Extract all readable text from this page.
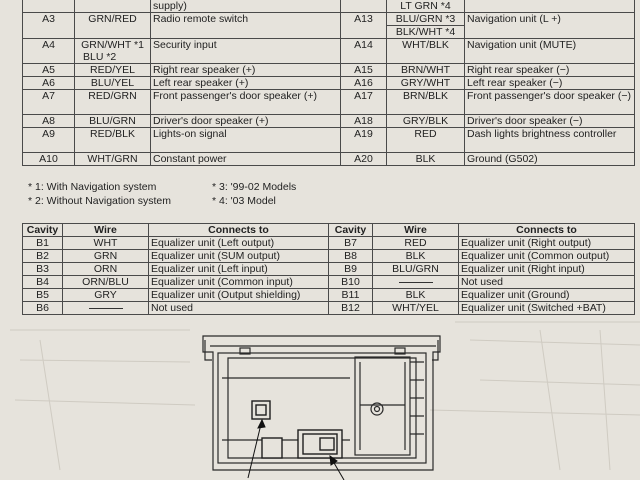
		supply)		LT GRN *4	
A3	GRN/RED	Radio remote switch	A13	BLU/GRN *3
BLK/WHT *4	Navigation unit (L +)
A4	GRN/WHT *1
BLU *2	Security input	A14	WHT/BLK	Navigation unit (MUTE)
A5	RED/YEL	Right rear speaker (+)	A15	BRN/WHT	Right rear speaker (−)
A6	BLU/YEL	Left rear speaker (+)	A16	GRY/WHT	Left rear speaker (−)
A7	RED/GRN	Front passenger's door speaker (+)	A17	BRN/BLK	Front passenger's door speaker (−)
A8	BLU/GRN	Driver's door speaker (+)	A18	GRY/BLK	Driver's door speaker (−)
A9	RED/BLK	Lights-on signal	A19	RED	Dash lights brightness controller
A10	WHT/GRN	Constant power	A20	BLK	Ground (G502)
* 1: With Navigation system
* 2: Without Navigation system
* 3: '99-02 Models
* 4: '03 Model
Cavity	Wire	Connects to	Cavity	Wire	Connects to
B1	WHT	Equalizer unit (Left output)	B7	RED	Equalizer unit (Right output)
B2	GRN	Equalizer unit (SUM output)	B8	BLK	Equalizer unit (Common output)
B3	ORN	Equalizer unit (Left input)	B9	BLU/GRN	Equalizer unit (Right input)
B4	ORN/BLU	Equalizer unit (Common input)	B10		Not used
B5	GRY	Equalizer unit (Output shielding)	B11	BLK	Equalizer unit (Ground)
B6		Not used	B12	WHT/YEL	Equalizer unit (Switched +BAT)
